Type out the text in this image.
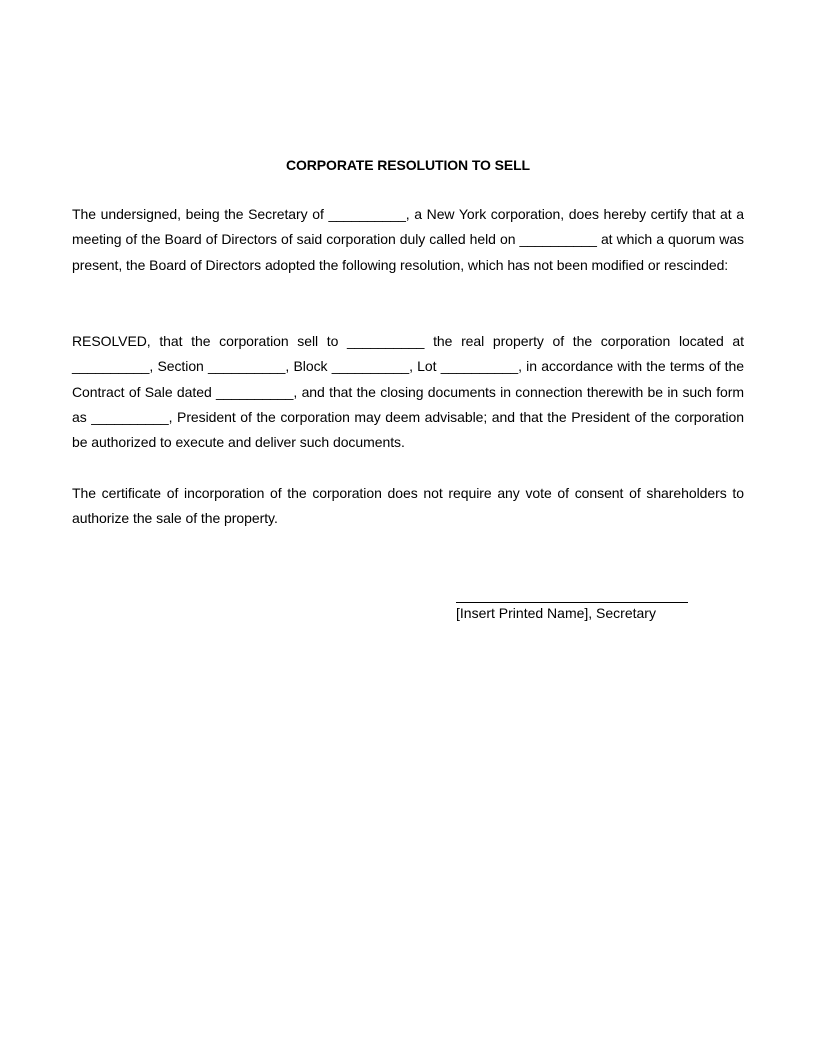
CORPORATE RESOLUTION TO SELL

The undersigned, being the Secretary of __________, a New York corporation, does hereby certify that at a meeting of the Board of Directors of said corporation duly called held on __________ at which a quorum was present, the Board of Directors adopted the following resolution, which has not been modified or rescinded:

RESOLVED, that the corporation sell to __________ the real property of the corporation located at __________, Section __________, Block __________, Lot __________, in accordance with the terms of the Contract of Sale dated __________, and that the closing documents in connection therewith be in such form as __________, President of the corporation may deem advisable; and that the President of the corporation be authorized to execute and deliver such documents.

The certificate of incorporation of the corporation does not require any vote of consent of shareholders to authorize the sale of the property.

[Insert Printed Name], Secretary
